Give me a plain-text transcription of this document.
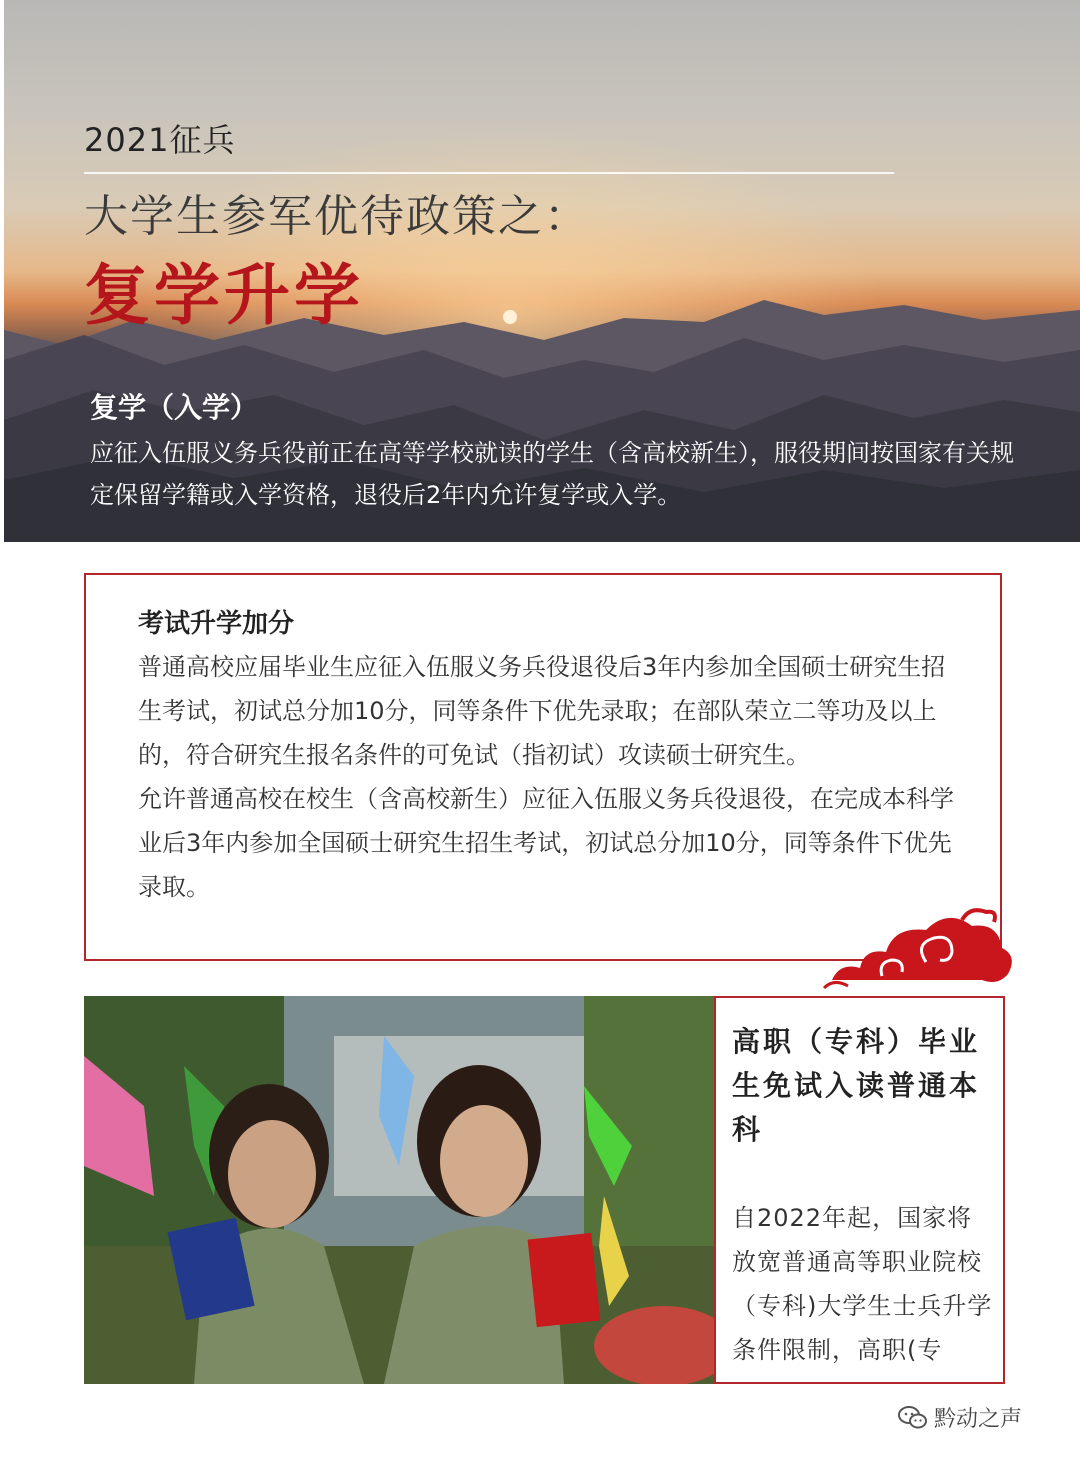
2021征兵
大学生参军优待政策之：
复学升学
复学（入学）
应征入伍服义务兵役前正在高等学校就读的学生（含高校新生），服役期间按国家有关规定保留学籍或入学资格，退役后2年内允许复学或入学。
考试升学加分

普通高校应届毕业生应征入伍服义务兵役退役后3年内参加全国硕士研究生招生考试，初试总分加10分，同等条件下优先录取；在部队荣立二等功及以上的，符合研究生报名条件的可免试（指初试）攻读硕士研究生。

允许普通高校在校生（含高校新生）应征入伍服义务兵役退役，在完成本科学业后3年内参加全国硕士研究生招生考试，初试总分加10分，同等条件下优先录取。

高职（专科）毕业生免试入读普通本科
自2022年起，国家将放宽普通高等职业院校（专科)大学生士兵升学条件限制，高职(专
黔动之声
